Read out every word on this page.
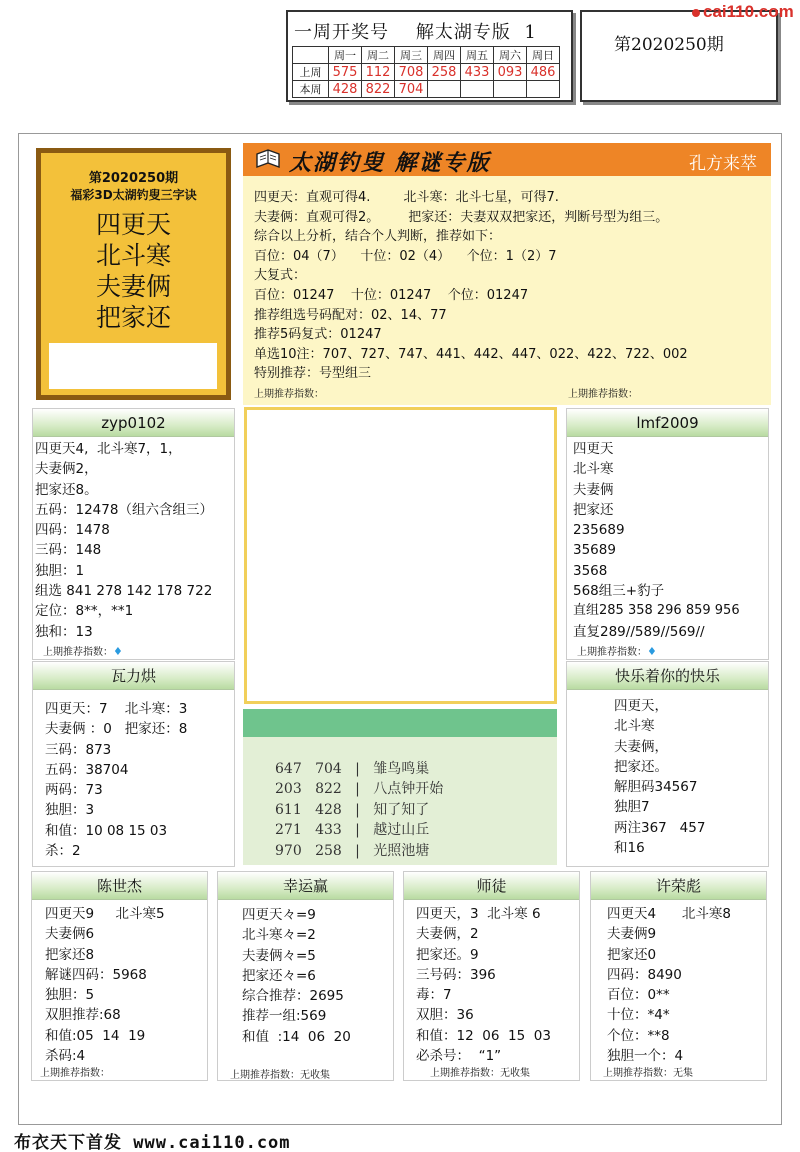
一周开奖号 解太湖专版 1
	周一	周二	周三	周四	周五	周六	周日
上周	575	112	708	258	433	093	486
本周	428	822	704				
第2020250期
cai110.com
第2020250期
福彩3D太湖钓叟三字诀
四更天
北斗寒
夫妻俩
把家还
太湖钓叟 解谜专版	孔方来萃
四更天：直观可得4.        北斗寒：北斗七星，可得7.
夫妻俩：直观可得2。       把家还：夫妻双双把家还，判断号型为组三。
综合以上分析，结合个人判断，推荐如下：
百位：04（7）    十位：02（4）    个位：1（2）7
大复式：
百位：01247    十位：01247    个位：01247
推荐组选号码配对：02、14、77
推荐5码复式：01247
单选10注：707、727、747、441、442、447、022、422、722、002
特别推荐：号型组三
上期推荐指数：	上期推荐指数：
zyp0102
四更天4,  北斗寒7，1，
夫妻俩2，
把家还8。
五码：12478（组六含组三）
四码：1478
三码：148
独胆：1
组选 841 278 142 178 722
定位：8**，**1
独和：13
上期推荐指数：♦
lmf2009
四更天
北斗寒
夫妻俩
把家还
235689
35689
3568
568组三+豹子
直组285 358 296 859 956
直复289//589//569//
上期推荐指数：♦
瓦力烘
四更天：7    北斗寒：3
夫妻俩 ：0   把家还：8
三码：873
五码：38704
两码：73
独胆：3
和值：10 08 15 03
杀：2
快乐着你的快乐
四更天，
北斗寒
夫妻俩，
把家还。
解胆码34567
独胆7
两注367   457
和16
647 704   |   雏鸟鸣巢
203 822   |   八点钟开始
611 428   |   知了知了
271 433   |   越过山丘
970 258   |   光照池塘
陈世杰
四更天9     北斗寒5
夫妻俩6
把家还8
解谜四码：5968
独胆：5
双胆推荐:68
和值:05  14  19
杀码:4
上期推荐指数：
幸运赢
四更天々=9
北斗寒々=2
夫妻俩々=5
把家还々=6
综合推荐：2695
推荐一组:569
和值  :14  06  20
上期推荐指数：无收集
师徒
四更天，3  北斗寒 6
夫妻俩，2
把家还。9
三号码：396
毒：7
双胆：36
和值：12  06  15  03
必杀号：  “1”
上期推荐指数：无收集
许荣彪
四更天4      北斗寒8
夫妻俩9
把家还0
四码：8490
百位：0**
十位：*4*
个位：**8
独胆一个：4
上期推荐指数：无集
布衣天下首发 www.cai110.com
